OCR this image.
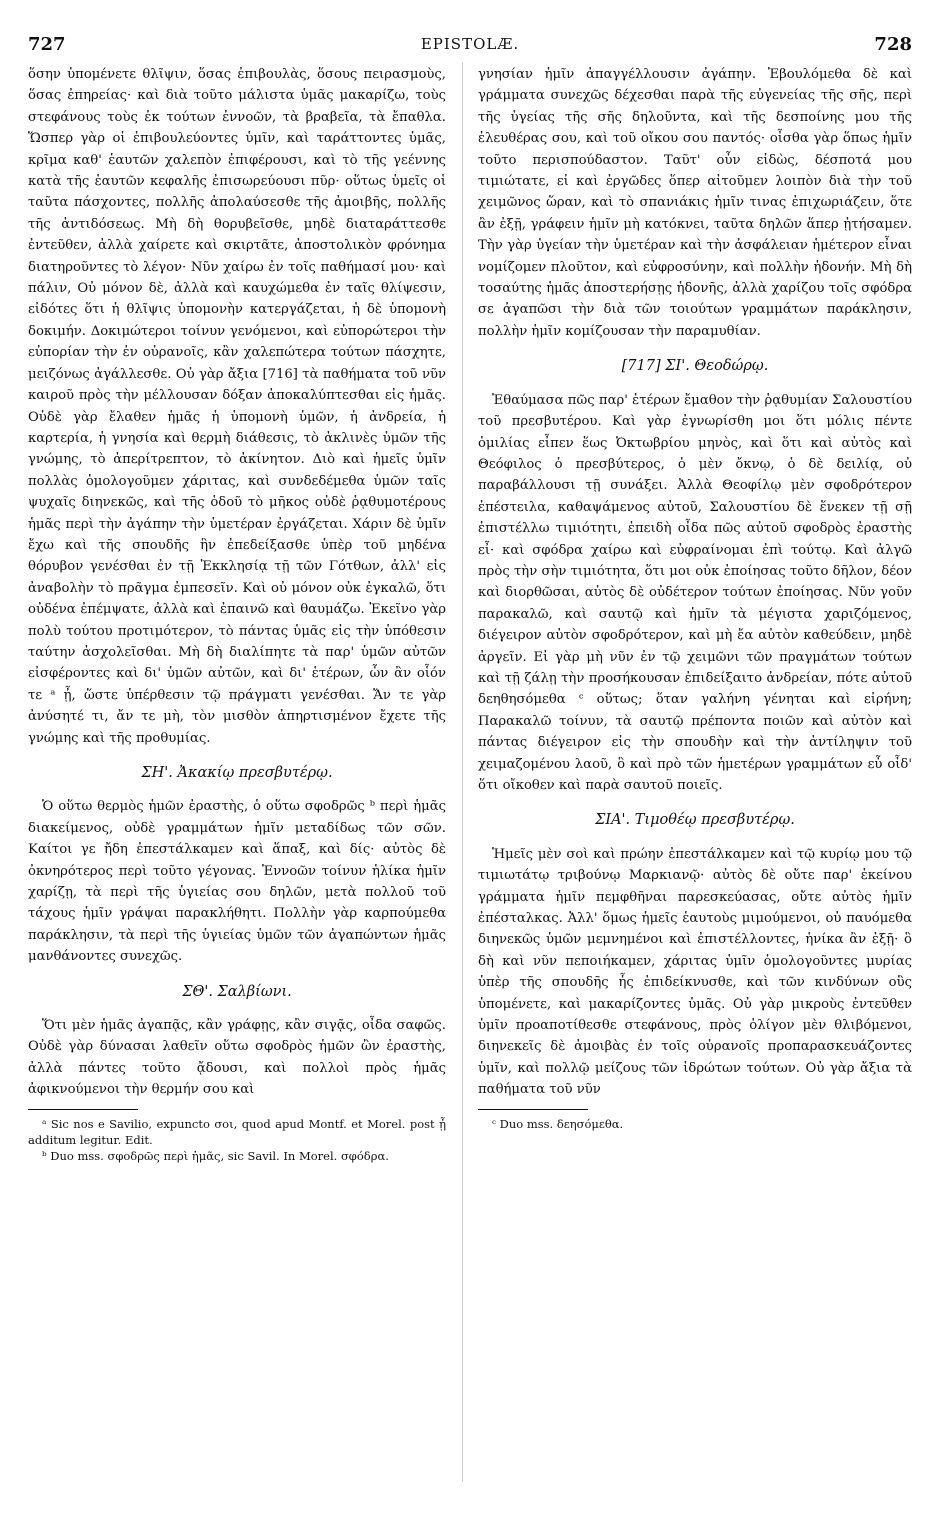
727	EPISTOLÆ.	728

ὅσην ὑπομένετε θλῖψιν, ὅσας ἐπιβουλὰς, ὅσους πειρασμοὺς, ὅσας ἐπηρείας· καὶ διὰ τοῦτο μάλιστα ὑμᾶς μακαρίζω, τοὺς στεφάνους τοὺς ἐκ τούτων ἐννοῶν, τὰ βραβεῖα, τὰ ἔπαθλα. Ὥσπερ γὰρ οἱ ἐπιβουλεύοντες ὑμῖν, καὶ ταράττοντες ὑμᾶς, κρῖμα καθ' ἑαυτῶν χαλεπὸν ἐπιφέρουσι, καὶ τὸ τῆς γεέννης κατὰ τῆς ἑαυτῶν κεφαλῆς ἐπισωρεύουσι πῦρ· οὕτως ὑμεῖς οἱ ταῦτα πάσχοντες, πολλῆς ἀπολαύσεσθε τῆς ἀμοιβῆς, πολλῆς τῆς ἀντιδόσεως. Μὴ δὴ θορυβεῖσθε, μηδὲ διαταράττεσθε ἐντεῦθεν, ἀλλὰ χαίρετε καὶ σκιρτᾶτε, ἀποστολικὸν φρόνημα διατηροῦντες τὸ λέγον· Νῦν χαίρω ἐν τοῖς παθήμασί μου· καὶ πάλιν, Οὐ μόνον δὲ, ἀλλὰ καὶ καυχώμεθα ἐν ταῖς θλίψεσιν, εἰδότες ὅτι ἡ θλῖψις ὑπομονὴν κατεργάζεται, ἡ δὲ ὑπομονὴ δοκιμήν. Δοκιμώτεροι τοίνυν γενόμενοι, καὶ εὐπορώτεροι τὴν εὐπορίαν τὴν ἐν οὐρανοῖς, κἂν χαλεπώτερα τούτων πάσχητε, μειζόνως ἀγάλλεσθε. Οὐ γὰρ ἄξια [716] τὰ παθήματα τοῦ νῦν καιροῦ πρὸς τὴν μέλλουσαν δόξαν ἀποκαλύπτεσθαι εἰς ἡμᾶς. Οὐδὲ γὰρ ἔλαθεν ἡμᾶς ἡ ὑπομονὴ ὑμῶν, ἡ ἀνδρεία, ἡ καρτερία, ἡ γνησία καὶ θερμὴ διάθεσις, τὸ ἀκλινὲς ὑμῶν τῆς γνώμης, τὸ ἀπερίτρεπτον, τὸ ἀκίνητον. Διὸ καὶ ἡμεῖς ὑμῖν πολλὰς ὁμολογοῦμεν χάριτας, καὶ συνδεδέμεθα ὑμῶν ταῖς ψυχαῖς διηνεκῶς, καὶ τῆς ὁδοῦ τὸ μῆκος οὐδὲ ῥᾳθυμοτέρους ἡμᾶς περὶ τὴν ἀγάπην τὴν ὑμετέραν ἐργάζεται. Χάριν δὲ ὑμῖν ἔχω καὶ τῆς σπουδῆς ἣν ἐπεδείξασθε ὑπὲρ τοῦ μηδένα θόρυβον γενέσθαι ἐν τῇ Ἐκκλησίᾳ τῇ τῶν Γότθων, ἀλλ' εἰς ἀναβολὴν τὸ πρᾶγμα ἐμπεσεῖν. Καὶ οὐ μόνον οὐκ ἐγκαλῶ, ὅτι οὐδένα ἐπέμψατε, ἀλλὰ καὶ ἐπαινῶ καὶ θαυμάζω. Ἐκεῖνο γὰρ πολὺ τούτου προτιμότερον, τὸ πάντας ὑμᾶς εἰς τὴν ὑπόθεσιν ταύτην ἀσχολεῖσθαι. Μὴ δὴ διαλίπητε τὰ παρ' ὑμῶν αὐτῶν εἰσφέροντες καὶ δι' ὑμῶν αὐτῶν, καὶ δι' ἑτέρων, ὧν ἂν οἷόν τε ᵃ ᾖ, ὥστε ὑπέρθεσιν τῷ πράγματι γενέσθαι. Ἄν τε γὰρ ἀνύσητέ τι, ἄν τε μὴ, τὸν μισθὸν ἀπηρτισμένον ἔχετε τῆς γνώμης καὶ τῆς προθυμίας.

ΣΗ'. Ἀκακίῳ πρεσβυτέρῳ.

Ὁ οὕτω θερμὸς ἡμῶν ἐραστὴς, ὁ οὕτω σφοδρῶς ᵇ περὶ ἡμᾶς διακείμενος, οὐδὲ γραμμάτων ἡμῖν μεταδίδως τῶν σῶν. Καίτοι γε ἤδη ἐπεστάλκαμεν καὶ ἅπαξ, καὶ δίς· αὐτὸς δὲ ὀκνηρότερος περὶ τοῦτο γέγονας. Ἐννοῶν τοίνυν ἡλίκα ἡμῖν χαρίζῃ, τὰ περὶ τῆς ὑγιείας σου δηλῶν, μετὰ πολλοῦ τοῦ τάχους ἡμῖν γράψαι παρακλήθητι. Πολλὴν γὰρ καρπούμεθα παράκλησιν, τὰ περὶ τῆς ὑγιείας ὑμῶν τῶν ἀγαπώντων ἡμᾶς μανθάνοντες συνεχῶς.

ΣΘ'. Σαλβίωνι.

Ὅτι μὲν ἡμᾶς ἀγαπᾷς, κἂν γράφῃς, κἂν σιγᾷς, οἶδα σαφῶς. Οὐδὲ γὰρ δύνασαι λαθεῖν οὕτω σφοδρὸς ἡμῶν ὢν ἐραστὴς, ἀλλὰ πάντες τοῦτο ᾄδουσι, καὶ πολλοὶ πρὸς ἡμᾶς ἀφικνούμενοι τὴν θερμήν σου καὶ

ᵃ Sic nos e Savilio, expuncto σοι, quod apud Montf. et Morel. post ᾖ additum legitur. Edit.

ᵇ Duo mss. σφοδρῶς περὶ ἡμᾶς, sic Savil. In Morel. σφόδρα.

γνησίαν ἡμῖν ἀπαγγέλλουσιν ἀγάπην. Ἐβουλόμεθα δὲ καὶ γράμματα συνεχῶς δέχεσθαι παρὰ τῆς εὐγενείας τῆς σῆς, περὶ τῆς ὑγείας τῆς σῆς δηλοῦντα, καὶ τῆς δεσποίνης μου τῆς ἐλευθέρας σου, καὶ τοῦ οἴκου σου παντός· οἶσθα γὰρ ὅπως ἡμῖν τοῦτο περισπούδαστον. Ταῦτ' οὖν εἰδὼς, δέσποτά μου τιμιώτατε, εἰ καὶ ἐργῶδες ὅπερ αἰτοῦμεν λοιπὸν διὰ τὴν τοῦ χειμῶνος ὥραν, καὶ τὸ σπανιάκις ἡμῖν τινας ἐπιχωριάζειν, ὅτε ἂν ἐξῇ, γράφειν ἡμῖν μὴ κατόκνει, ταῦτα δηλῶν ἅπερ ᾐτήσαμεν. Τὴν γὰρ ὑγείαν τὴν ὑμετέραν καὶ τὴν ἀσφάλειαν ἡμέτερον εἶναι νομίζομεν πλοῦτον, καὶ εὐφροσύνην, καὶ πολλὴν ἡδονήν. Μὴ δὴ τοσαύτης ἡμᾶς ἀποστερήσῃς ἡδονῆς, ἀλλὰ χαρίζου τοῖς σφόδρα σε ἀγαπῶσι τὴν διὰ τῶν τοιούτων γραμμάτων παράκλησιν, πολλὴν ἡμῖν κομίζουσαν τὴν παραμυθίαν.

[717] ΣΙ'. Θεοδώρῳ.

Ἐθαύμασα πῶς παρ' ἑτέρων ἔμαθον τὴν ῥᾳθυμίαν Σαλουστίου τοῦ πρεσβυτέρου. Καὶ γὰρ ἐγνωρίσθη μοι ὅτι μόλις πέντε ὁμιλίας εἶπεν ἕως Ὀκτωβρίου μηνὸς, καὶ ὅτι καὶ αὐτὸς καὶ Θεόφιλος ὁ πρεσβύτερος, ὁ μὲν ὄκνῳ, ὁ δὲ δειλίᾳ, οὐ παραβάλλουσι τῇ συνάξει. Ἀλλὰ Θεοφίλῳ μὲν σφοδρότερον ἐπέστειλα, καθαψάμενος αὐτοῦ, Σαλουστίου δὲ ἕνεκεν τῇ σῇ ἐπιστέλλω τιμιότητι, ἐπειδὴ οἶδα πῶς αὐτοῦ σφοδρὸς ἐραστὴς εἶ· καὶ σφόδρα χαίρω καὶ εὐφραίνομαι ἐπὶ τούτῳ. Καὶ ἀλγῶ πρὸς τὴν σὴν τιμιότητα, ὅτι μοι οὐκ ἐποίησας τοῦτο δῆλον, δέον καὶ διορθῶσαι, αὐτὸς δὲ οὐδέτερον τούτων ἐποίησας. Νῦν γοῦν παρακαλῶ, καὶ σαυτῷ καὶ ἡμῖν τὰ μέγιστα χαριζόμενος, διέγειρον αὐτὸν σφοδρότερον, καὶ μὴ ἔα αὐτὸν καθεύδειν, μηδὲ ἀργεῖν. Εἰ γὰρ μὴ νῦν ἐν τῷ χειμῶνι τῶν πραγμάτων τούτων καὶ τῇ ζάλῃ τὴν προσήκουσαν ἐπιδείξαιτο ἀνδρείαν, πότε αὐτοῦ δεηθησόμεθα ᶜ οὕτως; ὅταν γαλήνη γένηται καὶ εἰρήνη; Παρακαλῶ τοίνυν, τὰ σαυτῷ πρέποντα ποιῶν καὶ αὐτὸν καὶ πάντας διέγειρον εἰς τὴν σπουδὴν καὶ τὴν ἀντίληψιν τοῦ χειμαζομένου λαοῦ, ὃ καὶ πρὸ τῶν ἡμετέρων γραμμάτων εὖ οἶδ' ὅτι οἴκοθεν καὶ παρὰ σαυτοῦ ποιεῖς.

ΣΙΑ'. Τιμοθέῳ πρεσβυτέρῳ.

Ἡμεῖς μὲν σοὶ καὶ πρώην ἐπεστάλκαμεν καὶ τῷ κυρίῳ μου τῷ τιμιωτάτῳ τριβούνῳ Μαρκιανῷ· αὐτὸς δὲ οὔτε παρ' ἐκείνου γράμματα ἡμῖν πεμφθῆναι παρεσκεύασας, οὔτε αὐτὸς ἡμῖν ἐπέσταλκας. Ἀλλ' ὅμως ἡμεῖς ἑαυτοὺς μιμούμενοι, οὐ παυόμεθα διηνεκῶς ὑμῶν μεμνημένοι καὶ ἐπιστέλλοντες, ἡνίκα ἂν ἐξῇ· ὃ δὴ καὶ νῦν πεποιήκαμεν, χάριτας ὑμῖν ὁμολογοῦντες μυρίας ὑπὲρ τῆς σπουδῆς ἧς ἐπιδείκνυσθε, καὶ τῶν κινδύνων οὓς ὑπομένετε, καὶ μακαρίζοντες ὑμᾶς. Οὐ γὰρ μικροὺς ἐντεῦθεν ὑμῖν προαποτίθεσθε στεφάνους, πρὸς ὀλίγον μὲν θλιβόμενοι, διηνεκεῖς δὲ ἀμοιβὰς ἐν τοῖς οὐρανοῖς προπαρασκευάζοντες ὑμῖν, καὶ πολλῷ μείζους τῶν ἱδρώτων τούτων. Οὐ γὰρ ἄξια τὰ παθήματα τοῦ νῦν

ᶜ Duo mss. δεησόμεθα.
